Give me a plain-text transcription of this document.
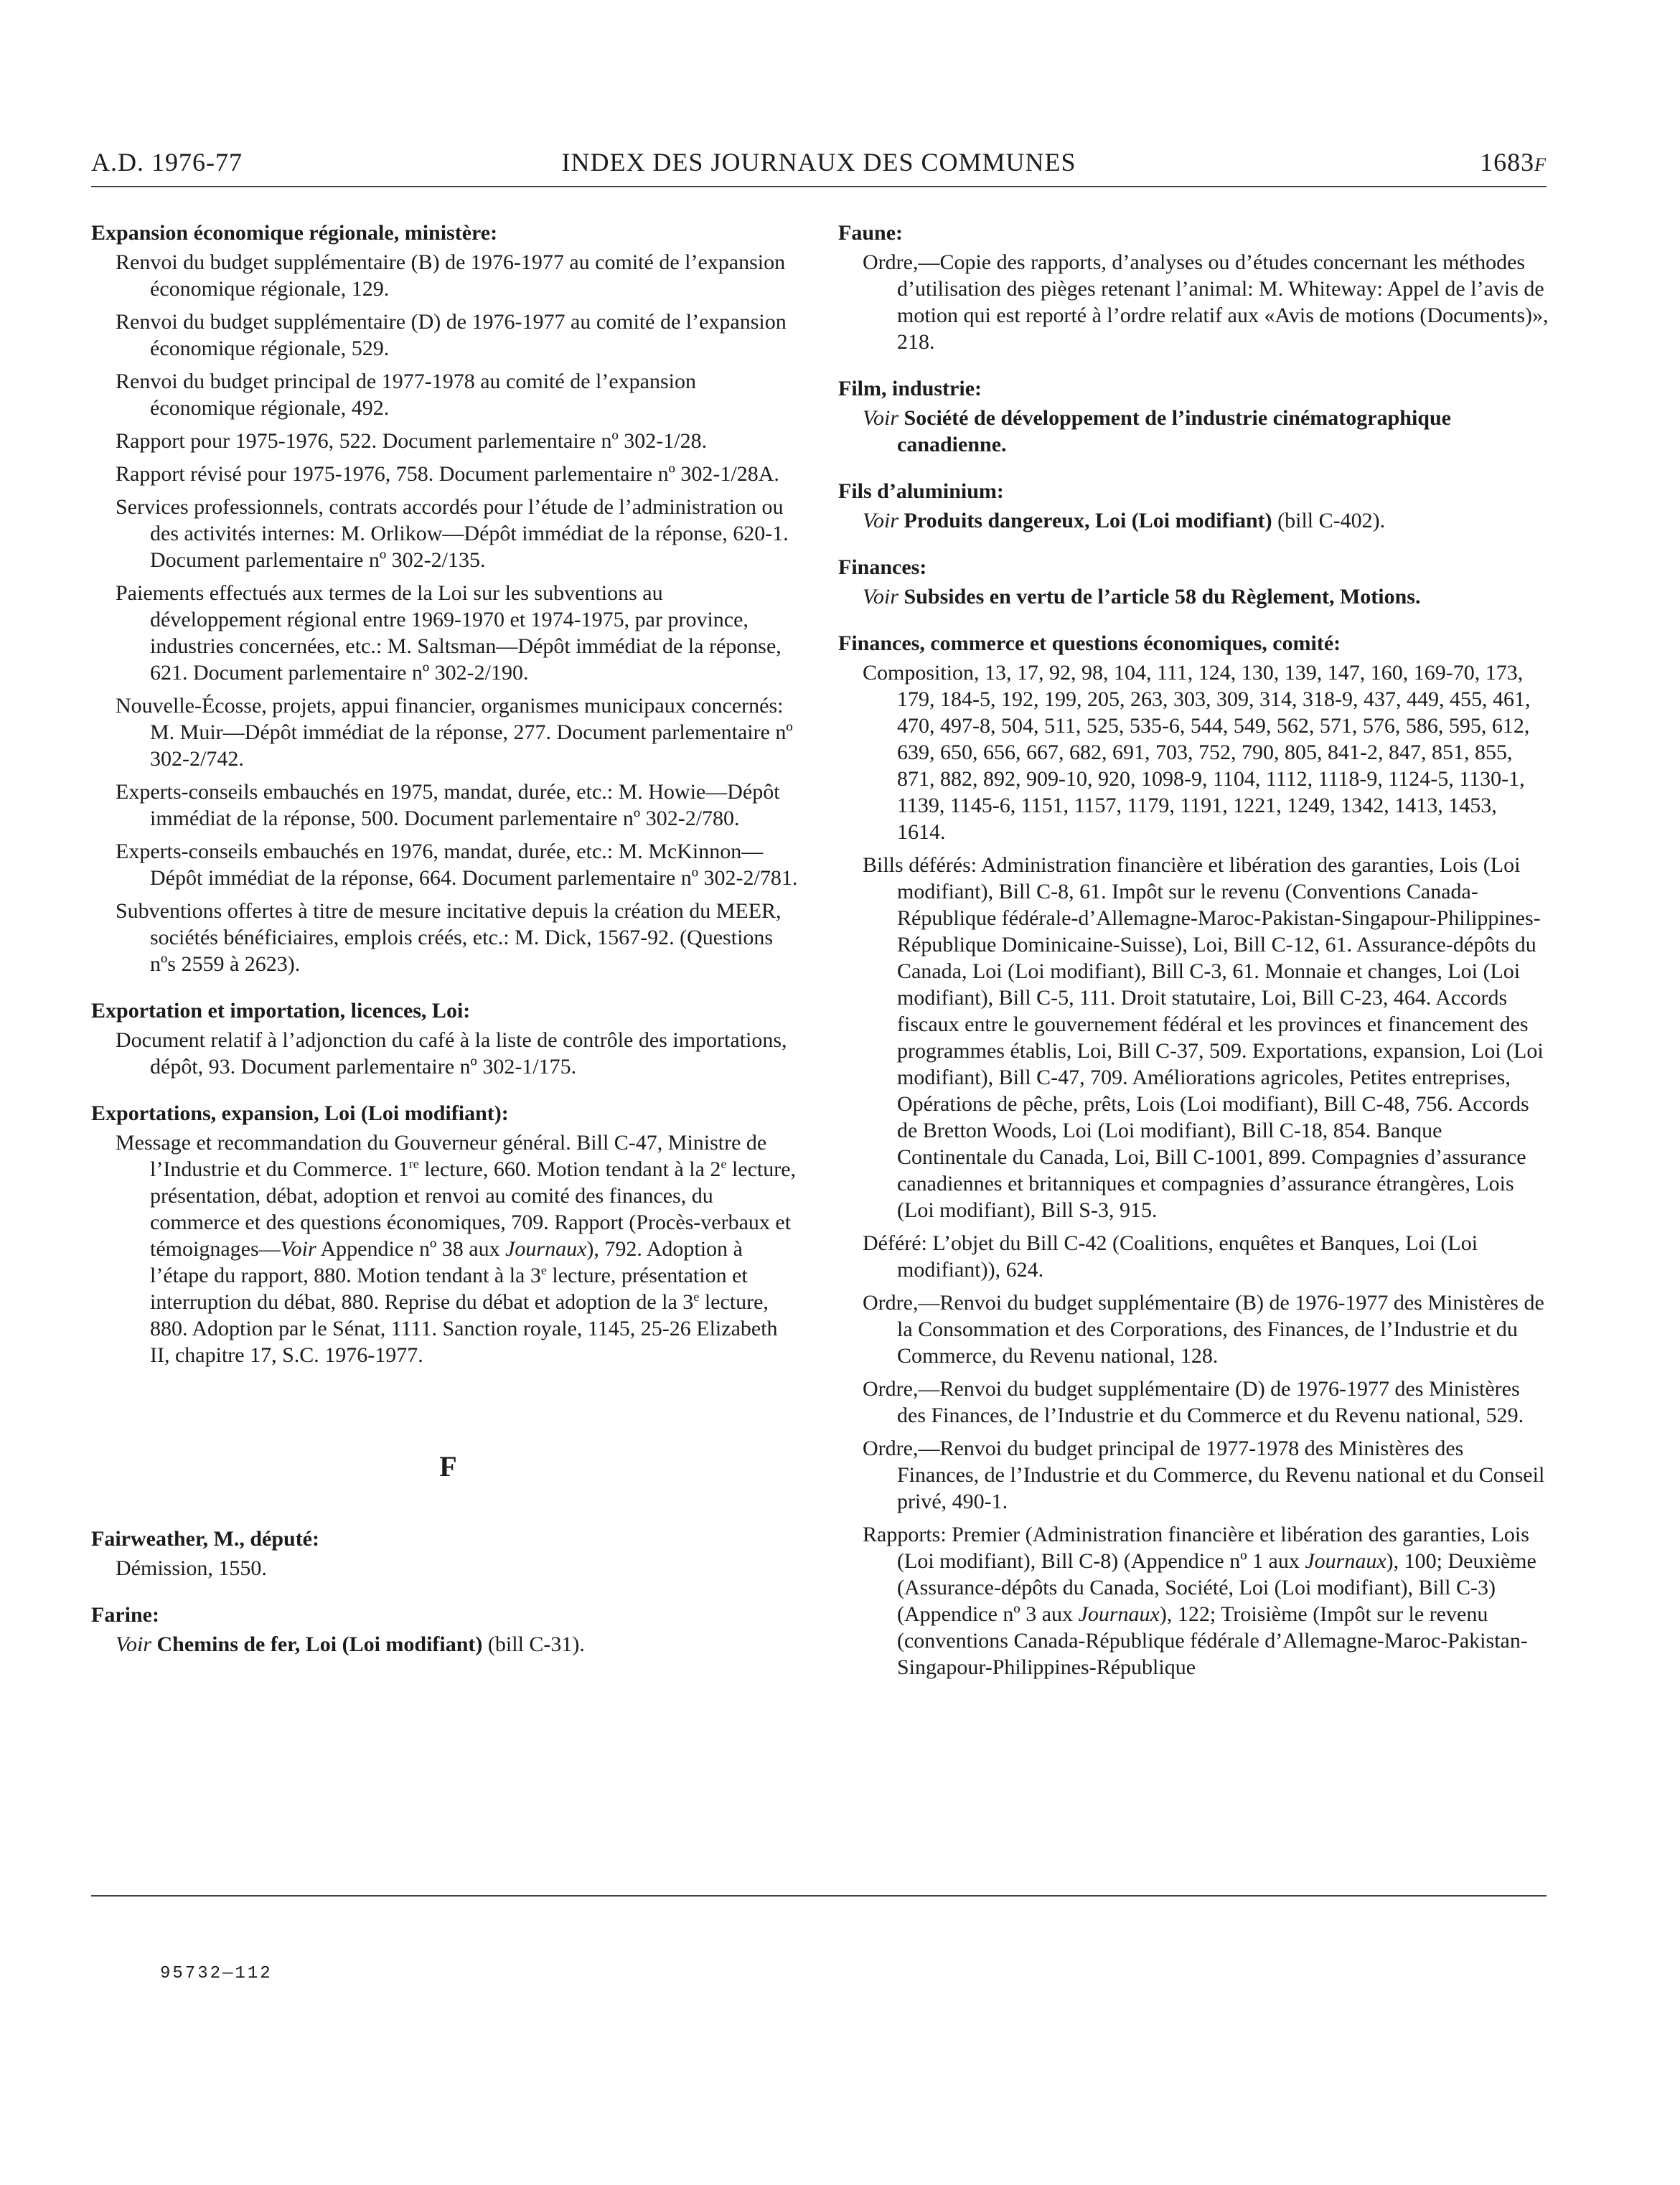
A.D. 1976-77	INDEX DES JOURNAUX DES COMMUNES	1683F
Expansion économique régionale, ministère:
Renvoi du budget supplémentaire (B) de 1976-1977 au comité de l’expansion économique régionale, 129.
Renvoi du budget supplémentaire (D) de 1976-1977 au comité de l’expansion économique régionale, 529.
Renvoi du budget principal de 1977-1978 au comité de l’expansion économique régionale, 492.
Rapport pour 1975-1976, 522. Document parlementaire nº 302-1/28.
Rapport révisé pour 1975-1976, 758. Document parlementaire nº 302-1/28A.
Services professionnels, contrats accordés pour l’étude de l’administration ou des activités internes: M. Orlikow—Dépôt immédiat de la réponse, 620-1. Document parlementaire nº 302-2/135.
Paiements effectués aux termes de la Loi sur les subventions au développement régional entre 1969-1970 et 1974-1975, par province, industries concernées, etc.: M. Saltsman—Dépôt immédiat de la réponse, 621. Document parlementaire nº 302-2/190.
Nouvelle-Écosse, projets, appui financier, organismes municipaux concernés: M. Muir—Dépôt immédiat de la réponse, 277. Document parlementaire nº 302-2/742.
Experts-conseils embauchés en 1975, mandat, durée, etc.: M. Howie—Dépôt immédiat de la réponse, 500. Document parlementaire nº 302-2/780.
Experts-conseils embauchés en 1976, mandat, durée, etc.: M. McKinnon—Dépôt immédiat de la réponse, 664. Document parlementaire nº 302-2/781.
Subventions offertes à titre de mesure incitative depuis la création du MEER, sociétés bénéficiaires, emplois créés, etc.: M. Dick, 1567-92. (Questions nºs 2559 à 2623).
Exportation et importation, licences, Loi:
Document relatif à l’adjonction du café à la liste de contrôle des importations, dépôt, 93. Document parlementaire nº 302-1/175.
Exportations, expansion, Loi (Loi modifiant):
Message et recommandation du Gouverneur général. Bill C-47, Ministre de l’Industrie et du Commerce. 1re lecture, 660. Motion tendant à la 2e lecture, présentation, débat, adoption et renvoi au comité des finances, du commerce et des questions économiques, 709. Rapport (Procès-verbaux et témoignages—Voir Appendice nº 38 aux Journaux), 792. Adoption à l’étape du rapport, 880. Motion tendant à la 3e lecture, présentation et interruption du débat, 880. Reprise du débat et adoption de la 3e lecture, 880. Adoption par le Sénat, 1111. Sanction royale, 1145, 25-26 Elizabeth II, chapitre 17, S.C. 1976-1977.
F
Fairweather, M., député:
Démission, 1550.
Farine:
Voir Chemins de fer, Loi (Loi modifiant) (bill C-31).
Faune:
Ordre,—Copie des rapports, d’analyses ou d’études concernant les méthodes d’utilisation des pièges retenant l’animal: M. Whiteway: Appel de l’avis de motion qui est reporté à l’ordre relatif aux «Avis de motions (Documents)», 218.
Film, industrie:
Voir Société de développement de l’industrie cinématographique canadienne.
Fils d’aluminium:
Voir Produits dangereux, Loi (Loi modifiant) (bill C-402).
Finances:
Voir Subsides en vertu de l’article 58 du Règlement, Motions.
Finances, commerce et questions économiques, comité:
Composition, 13, 17, 92, 98, 104, 111, 124, 130, 139, 147, 160, 169-70, 173, 179, 184-5, 192, 199, 205, 263, 303, 309, 314, 318-9, 437, 449, 455, 461, 470, 497-8, 504, 511, 525, 535-6, 544, 549, 562, 571, 576, 586, 595, 612, 639, 650, 656, 667, 682, 691, 703, 752, 790, 805, 841-2, 847, 851, 855, 871, 882, 892, 909-10, 920, 1098-9, 1104, 1112, 1118-9, 1124-5, 1130-1, 1139, 1145-6, 1151, 1157, 1179, 1191, 1221, 1249, 1342, 1413, 1453, 1614.
Bills déférés: Administration financière et libération des garanties, Lois (Loi modifiant), Bill C-8, 61. Impôt sur le revenu (Conventions Canada-République fédérale-d’Allemagne-Maroc-Pakistan-Singapour-Philippines-République Dominicaine-Suisse), Loi, Bill C-12, 61. Assurance-dépôts du Canada, Loi (Loi modifiant), Bill C-3, 61. Monnaie et changes, Loi (Loi modifiant), Bill C-5, 111. Droit statutaire, Loi, Bill C-23, 464. Accords fiscaux entre le gouvernement fédéral et les provinces et financement des programmes établis, Loi, Bill C-37, 509. Exportations, expansion, Loi (Loi modifiant), Bill C-47, 709. Améliorations agricoles, Petites entreprises, Opérations de pêche, prêts, Lois (Loi modifiant), Bill C-48, 756. Accords de Bretton Woods, Loi (Loi modifiant), Bill C-18, 854. Banque Continentale du Canada, Loi, Bill C-1001, 899. Compagnies d’assurance canadiennes et britanniques et compagnies d’assurance étrangères, Lois (Loi modifiant), Bill S-3, 915.
Déféré: L’objet du Bill C-42 (Coalitions, enquêtes et Banques, Loi (Loi modifiant)), 624.
Ordre,—Renvoi du budget supplémentaire (B) de 1976-1977 des Ministères de la Consommation et des Corporations, des Finances, de l’Industrie et du Commerce, du Revenu national, 128.
Ordre,—Renvoi du budget supplémentaire (D) de 1976-1977 des Ministères des Finances, de l’Industrie et du Commerce et du Revenu national, 529.
Ordre,—Renvoi du budget principal de 1977-1978 des Ministères des Finances, de l’Industrie et du Commerce, du Revenu national et du Conseil privé, 490-1.
Rapports: Premier (Administration financière et libération des garanties, Lois (Loi modifiant), Bill C-8) (Appendice nº 1 aux Journaux), 100; Deuxième (Assurance-dépôts du Canada, Société, Loi (Loi modifiant), Bill C-3) (Appendice nº 3 aux Journaux), 122; Troisième (Impôt sur le revenu (conventions Canada-République fédérale d’Allemagne-Maroc-Pakistan-Singapour-Philippines-République
95732—112
